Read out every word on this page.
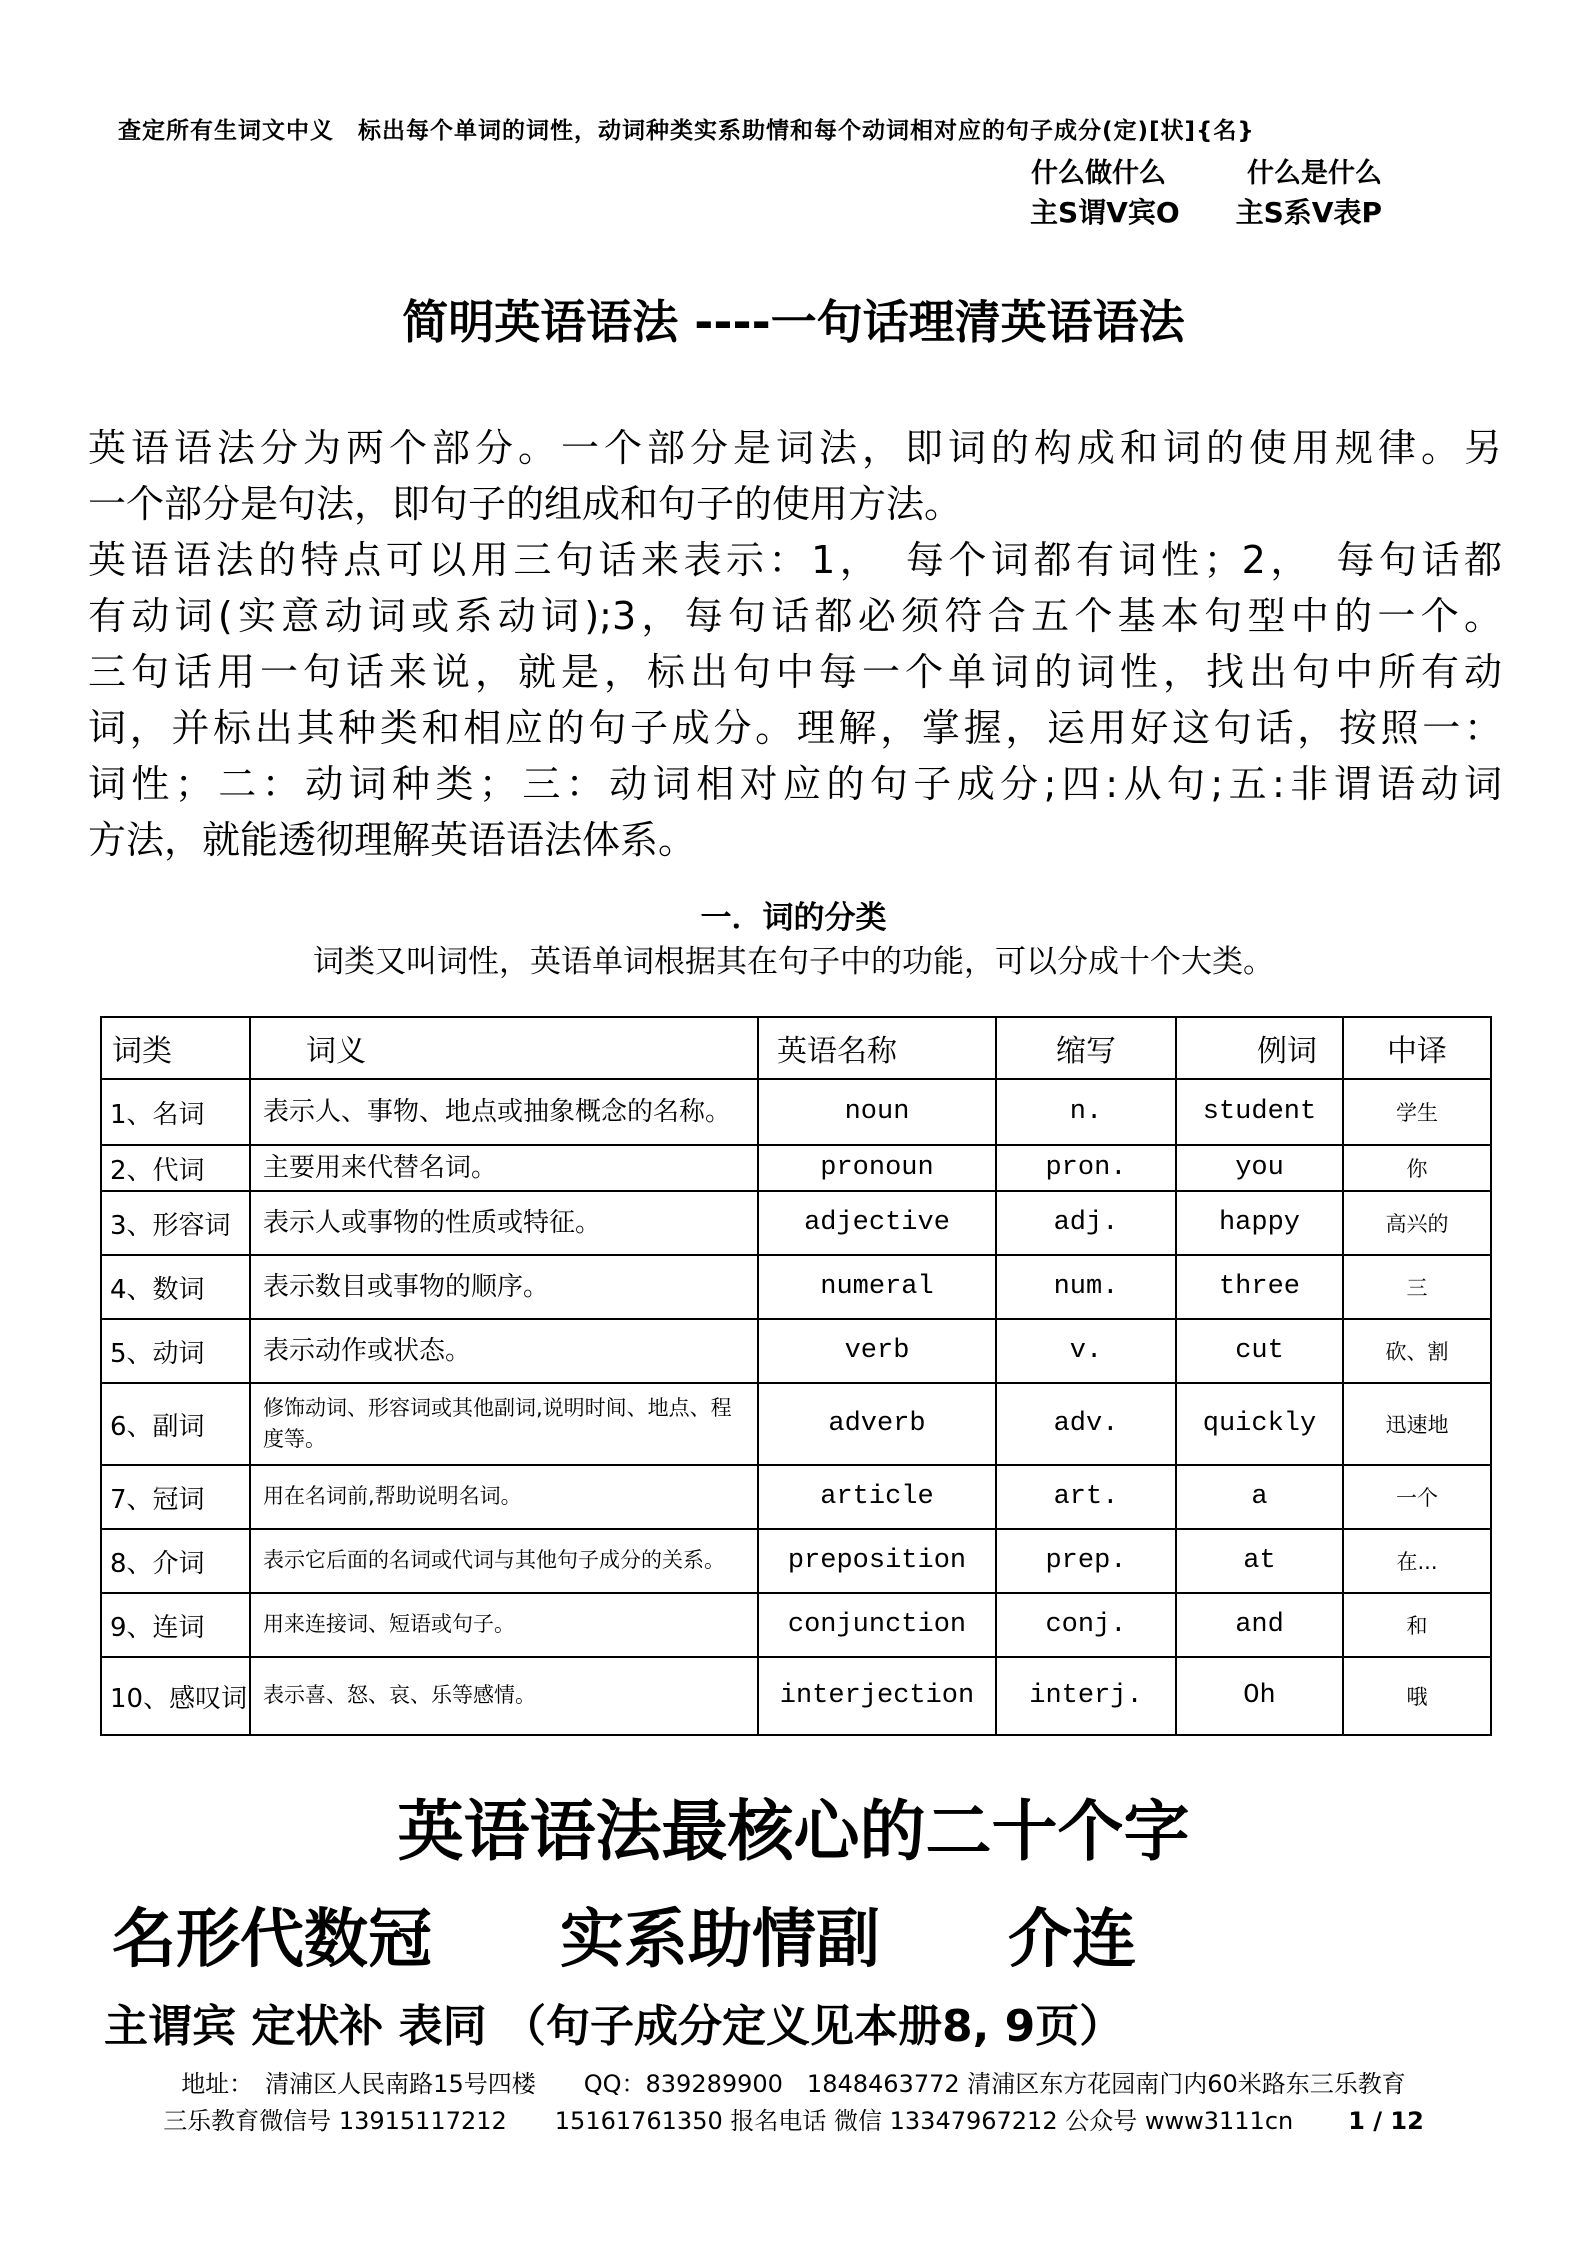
查定所有生词文中义　标出每个单词的词性，动词种类实系助情和每个动词相对应的句子成分(定)[状]{名}
什么做什么　　　什么是什么
主S谓V宾O　　主S系V表P
简明英语语法 ----一句话理清英语语法
英语语法分为两个部分。一个部分是词法，即词的构成和词的使用规律。另
一个部分是句法，即句子的组成和句子的使用方法。
英语语法的特点可以用三句话来表示：1，　每个词都有词性；2，　每句话都
有动词(实意动词或系动词);3，每句话都必须符合五个基本句型中的一个。
三句话用一句话来说，就是，标出句中每一个单词的词性，找出句中所有动
词，并标出其种类和相应的句子成分。理解，掌握，运用好这句话，按照一：
词性；二：动词种类；三：动词相对应的句子成分;四:从句;五:非谓语动词
方法，就能透彻理解英语语法体系。
一．词的分类
词类又叫词性，英语单词根据其在句子中的功能，可以分成十个大类。
词类	词义	英语名称	缩写	例词	中译
1、名词	表示人、事物、地点或抽象概念的名称。	noun	n.	student	学生
2、代词	主要用来代替名词。	pronoun	pron.	you	你
3、形容词	表示人或事物的性质或特征。	adjective	adj.	happy	高兴的
4、数词	表示数目或事物的顺序。	numeral	num.	three	三
5、动词	表示动作或状态。	verb	v.	cut	砍、割
6、副词	修饰动词、形容词或其他副词,说明时间、地点、程度等。	adverb	adv.	quickly	迅速地
7、冠词	用在名词前,帮助说明名词。	article	art.	a	一个
8、介词	表示它后面的名词或代词与其他句子成分的关系。	preposition	prep.	at	在...
9、连词	用来连接词、短语或句子。	conjunction	conj.	and	和
10、感叹词	表示喜、怒、哀、乐等感情。	interjection	interj.	Oh	哦
英语语法最核心的二十个字
名形代数冠　　实系助情副　　介连
主谓宾 定状补 表同 （句子成分定义见本册8, 9页）
地址：　清浦区人民南路15号四楼　　QQ：839289900　1848463772 清浦区东方花园南门内60米路东三乐教育
三乐教育微信号 13915117212　　15161761350 报名电话 微信 13347967212 公众号 www3111cn 1 / 12
